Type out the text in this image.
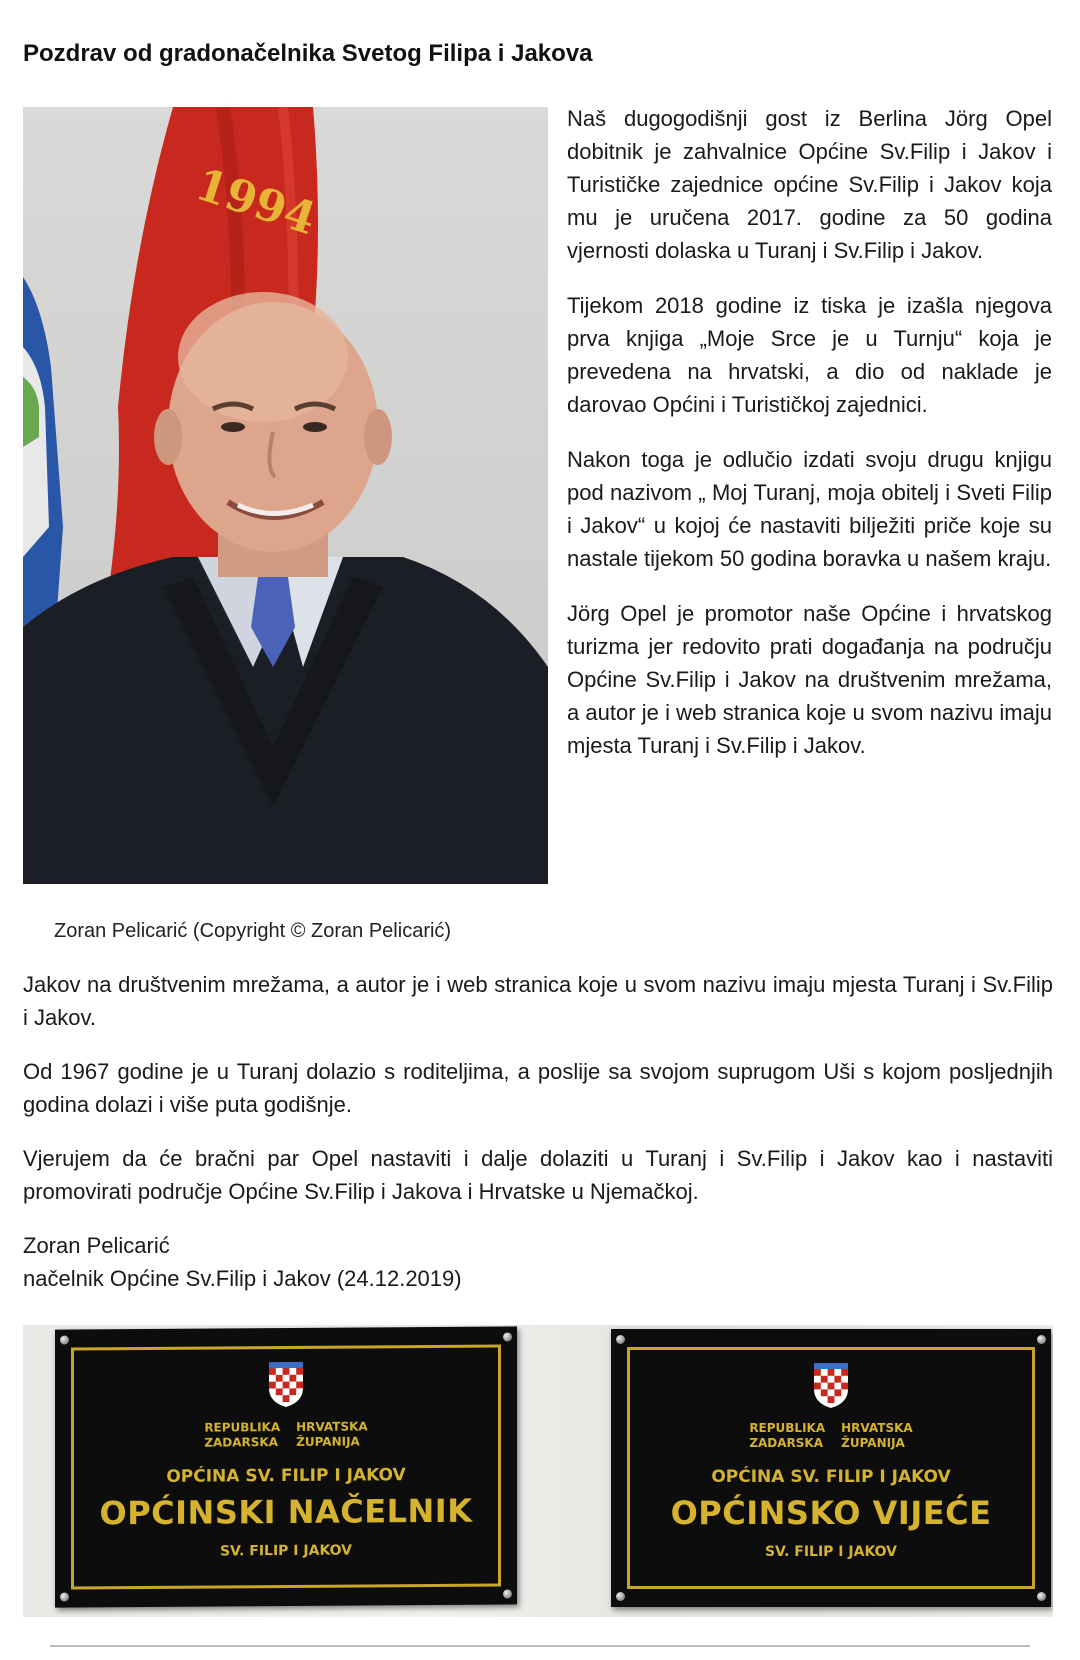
Pozdrav od gradonačelnika Svetog Filipa i Jakova
1994

Naš dugogodišnji gost iz Berlina Jörg Opel dobitnik je zahvalnice Općine Sv.Filip i Jakov i Turističke zajednice općine Sv.Filip i Jakov koja mu je uručena 2017. godine za 50 godina vjernosti dolaska u Turanj i Sv.Filip i Jakov.

Tijekom 2018 godine iz tiska je izašla njegova prva knjiga „Moje Srce je u Turnju“ koja je prevedena na hrvatski, a dio od naklade je darovao Općini i Turističkoj zajednici.

Nakon toga je odlučio izdati svoju drugu knjigu pod nazivom „ Moj Turanj, moja obitelj i Sveti Filip i Jakov“ u kojoj će nastaviti bilježiti priče koje su nastale tijekom 50 godina boravka u našem kraju.

Jörg Opel je promotor naše Općine i hrvatskog turizma jer redovito prati događanja na području Općine Sv.Filip i Jakov na društvenim mrežama, a autor je i web stranica koje u svom nazivu imaju mjesta Turanj i Sv.Filip i Jakov.

Zoran Pelicarić (Copyright © Zoran Pelicarić)

Jakov na društvenim mrežama, a autor je i web stranica koje u svom nazivu imaju mjesta Turanj i Sv.Filip i Jakov.

Od 1967 godine je u Turanj dolazio s roditeljima, a poslije sa svojom suprugom Uši s kojom posljednjih godina dolazi i više puta godišnje.

Vjerujem da će bračni par Opel nastaviti i dalje dolaziti u Turanj i Sv.Filip i Jakov kao i nastaviti promovirati područje Općine Sv.Filip i Jakova i Hrvatske u Njemačkoj.

Zoran Pelicarić
načelnik Općine Sv.Filip i Jakov (24.12.2019)
REPUBLIKA HRVATSKA
ZADARSKA ŽUPANIJA
OPĆINA SV. FILIP I JAKOV
OPĆINSKI NAČELNIK
SV. FILIP I JAKOV
REPUBLIKA HRVATSKA
ZADARSKA ŽUPANIJA
OPĆINA SV. FILIP I JAKOV
OPĆINSKO VIJEĆE
SV. FILIP I JAKOV
